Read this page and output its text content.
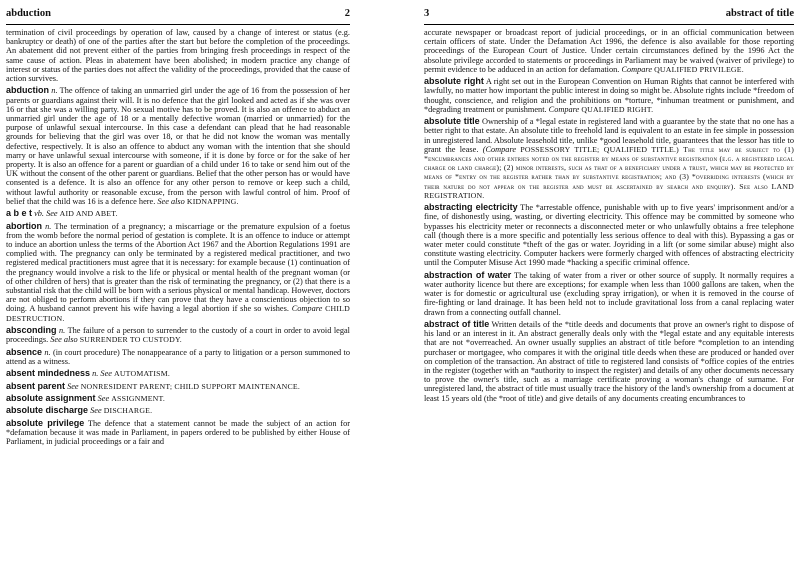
abduction	2

termination of civil proceedings by operation of law, caused by a change of interest or status (e.g. bankruptcy or death) of one of the parties after the start but before the completion of the proceedings. An abatement did not prevent either of the parties from bringing fresh proceedings in respect of the same cause of action. Pleas in abatement have been abolished; in modern practice any change of interest or status of the parties does not affect the validity of the proceedings, provided that the cause of action survives.

abduction n. The offence of taking an unmarried girl under the age of 16 from the possession of her parents or guardians against their will. It is no defence that the girl looked and acted as if she was over 16 or that she was a willing party. No sexual motive has to be proved. It is also an offence to abduct an unmarried girl under the age of 18 or a mentally defective woman (married or unmarried) for the purpose of unlawful sexual intercourse. In this case a defendant can plead that he had reasonable grounds for believing that the girl was over 18, or that he did not know the woman was mentally defective, respectively. It is also an offence to abduct any woman with the intention that she should marry or have unlawful sexual intercourse with someone, if it is done by force or for the sake of her property. It is also an offence for a parent or guardian of a child under 16 to take or send him out of the UK without the consent of the other parent or guardians. Belief that the other person has or would have consented is a defence. It is also an offence for any other person to remove or keep such a child, without lawful authority or reasonable excuse, from the person with lawful control of him. Proof of belief that the child was 16 is a defence here. See also KIDNAPPING.

a b e t vb. See AID AND ABET.

abortion n. The termination of a pregnancy; a miscarriage or the premature expulsion of a foetus from the womb before the normal period of gestation is complete. It is an offence to induce or attempt to induce an abortion unless the terms of the Abortion Act 1967 and the Abortion Regulations 1991 are complied with. The pregnancy can only be terminated by a registered medical practitioner, and two registered medical practitioners must agree that it is necessary: for example because (1) continuation of the pregnancy would involve a risk to the life or physical or mental health of the pregnant woman (or of other children of hers) that is greater than the risk of terminating the pregnancy, or (2) that there is a substantial risk that the child will be born with a serious physical or mental handicap. However, doctors are not obliged to perform abortions if they can prove that they have a conscientious objection to so doing. A husband cannot prevent his wife having a legal abortion if she so wishes. Compare CHILD DESTRUCTION.

absconding n. The failure of a person to surrender to the custody of a court in order to avoid legal proceedings. See also SURRENDER TO CUSTODY.

absence n. (in court procedure) The nonappearance of a party to litigation or a person summoned to attend as a witness.

absent mindedness n. See AUTOMATISM.

absent parent See NONRESIDENT PARENT; CHILD SUPPORT MAINTENANCE.

absolute assignment See ASSIGNMENT.

absolute discharge See DISCHARGE.

absolute privilege The defence that a statement cannot be made the subject of an action for *defamation because it was made in Parliament, in papers ordered to be published by either House of Parliament, in judicial proceedings or a fair and

3	abstract of title

accurate newspaper or broadcast report of judicial proceedings, or in an official communication between certain officers of state. Under the Defamation Act 1996, the defence is also available for those reporting proceedings of the European Court of Justice. Under certain circumstances defined by the 1996 Act the absolute privilege accorded to statements or proceedings in Parliament may be waived (waiver of privilege) to permit evidence to be adduced in an action for defamation. Compare QUALIFIED PRIVILEGE.

absolute right A right set out in the European Convention on Human Rights that cannot be interfered with lawfully, no matter how important the public interest in doing so might be. Absolute rights include *freedom of thought, conscience, and religion and the prohibitions on *torture, *inhuman treatment or punishment, and *degrading treatment or punishment. Compare QUALIFIED RIGHT.

absolute title Ownership of a *legal estate in registered land with a guarantee by the state that no one has a better right to that estate. An absolute title to freehold land is equivalent to an estate in fee simple in possession in unregistered land. Absolute leasehold title, unlike *good leasehold title, guarantees that the lessor has title to grant the lease. (Compare POSSESSORY TITLE; QUALIFIED TITLE.) The title may be subject to (1) *encumbrances and other entries noted on the register by means of substantive registration (e.g. a registered legal charge or land charge); (2) minor interests, such as that of a beneficiary under a trust, which may be protected by means of *entry on the register rather than by substantive registration; and (3) *overriding interests (which by their nature do not appear on the register and must be ascertained by search and enquiry). See also LAND REGISTRATION.

abstracting electricity The *arrestable offence, punishable with up to five years' imprisonment and/or a fine, of dishonestly using, wasting, or diverting electricity. This offence may be committed by someone who bypasses his electricity meter or reconnects a disconnected meter or who unlawfully obtains a free telephone call (though there is a more specific and potentially less serious offence to deal with this). Bypassing a gas or water meter could constitute *theft of the gas or water. Joyriding in a lift (or some similar abuse) might also constitute wasting electricity. Computer hackers were formerly charged with offences of abstracting electricity until the Computer Misuse Act 1990 made *hacking a specific criminal offence.

abstraction of water The taking of water from a river or other source of supply. It normally requires a water authority licence but there are exceptions; for example when less than 1000 gallons are taken, when the water is for domestic or agricultural use (excluding spray irrigation), or when it is removed in the course of fire-fighting or land drainage. It has been held not to include gravitational loss from a canal replacing water drawn from a connecting outfall channel.

abstract of title Written details of the *title deeds and documents that prove an owner's right to dispose of his land or an interest in it. An abstract generally deals only with the *legal estate and any equitable interests that are not *overreached. An owner usually supplies an abstract of title before *completion to an intending purchaser or mortgagee, who compares it with the original title deeds when these are produced or handed over on completion of the transaction. An abstract of title to registered land consists of *office copies of the entries in the register (together with an *authority to inspect the register) and details of any other documents necessary to prove the owner's title, such as a marriage certificate proving a woman's change of surname. For unregistered land, the abstract of title must usually trace the history of the land's ownership from a document at least 15 years old (the *root of title) and give details of any documents creating encumbrances to
